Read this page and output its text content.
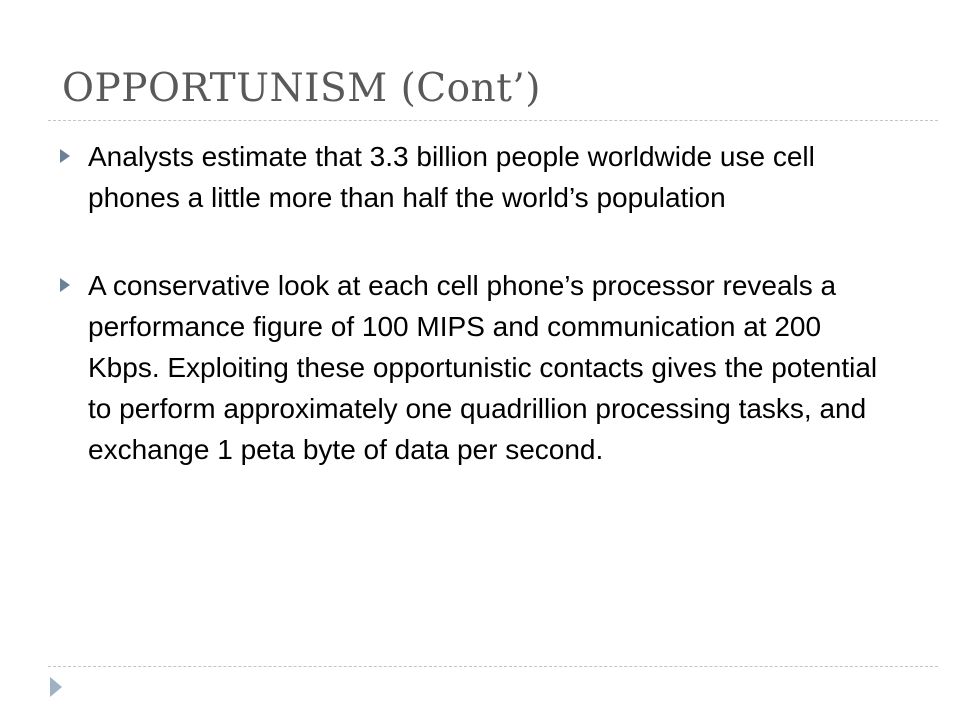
OPPORTUNISM (Cont’)
Analysts estimate that 3.3 billion people worldwide use cell phones a little more than half the world’s population
A conservative look at each cell phone’s processor reveals a performance figure of 100 MIPS and communication at 200 Kbps. Exploiting these opportunistic contacts gives the potential to perform approximately one quadrillion processing tasks, and exchange 1 peta byte of data per second.
